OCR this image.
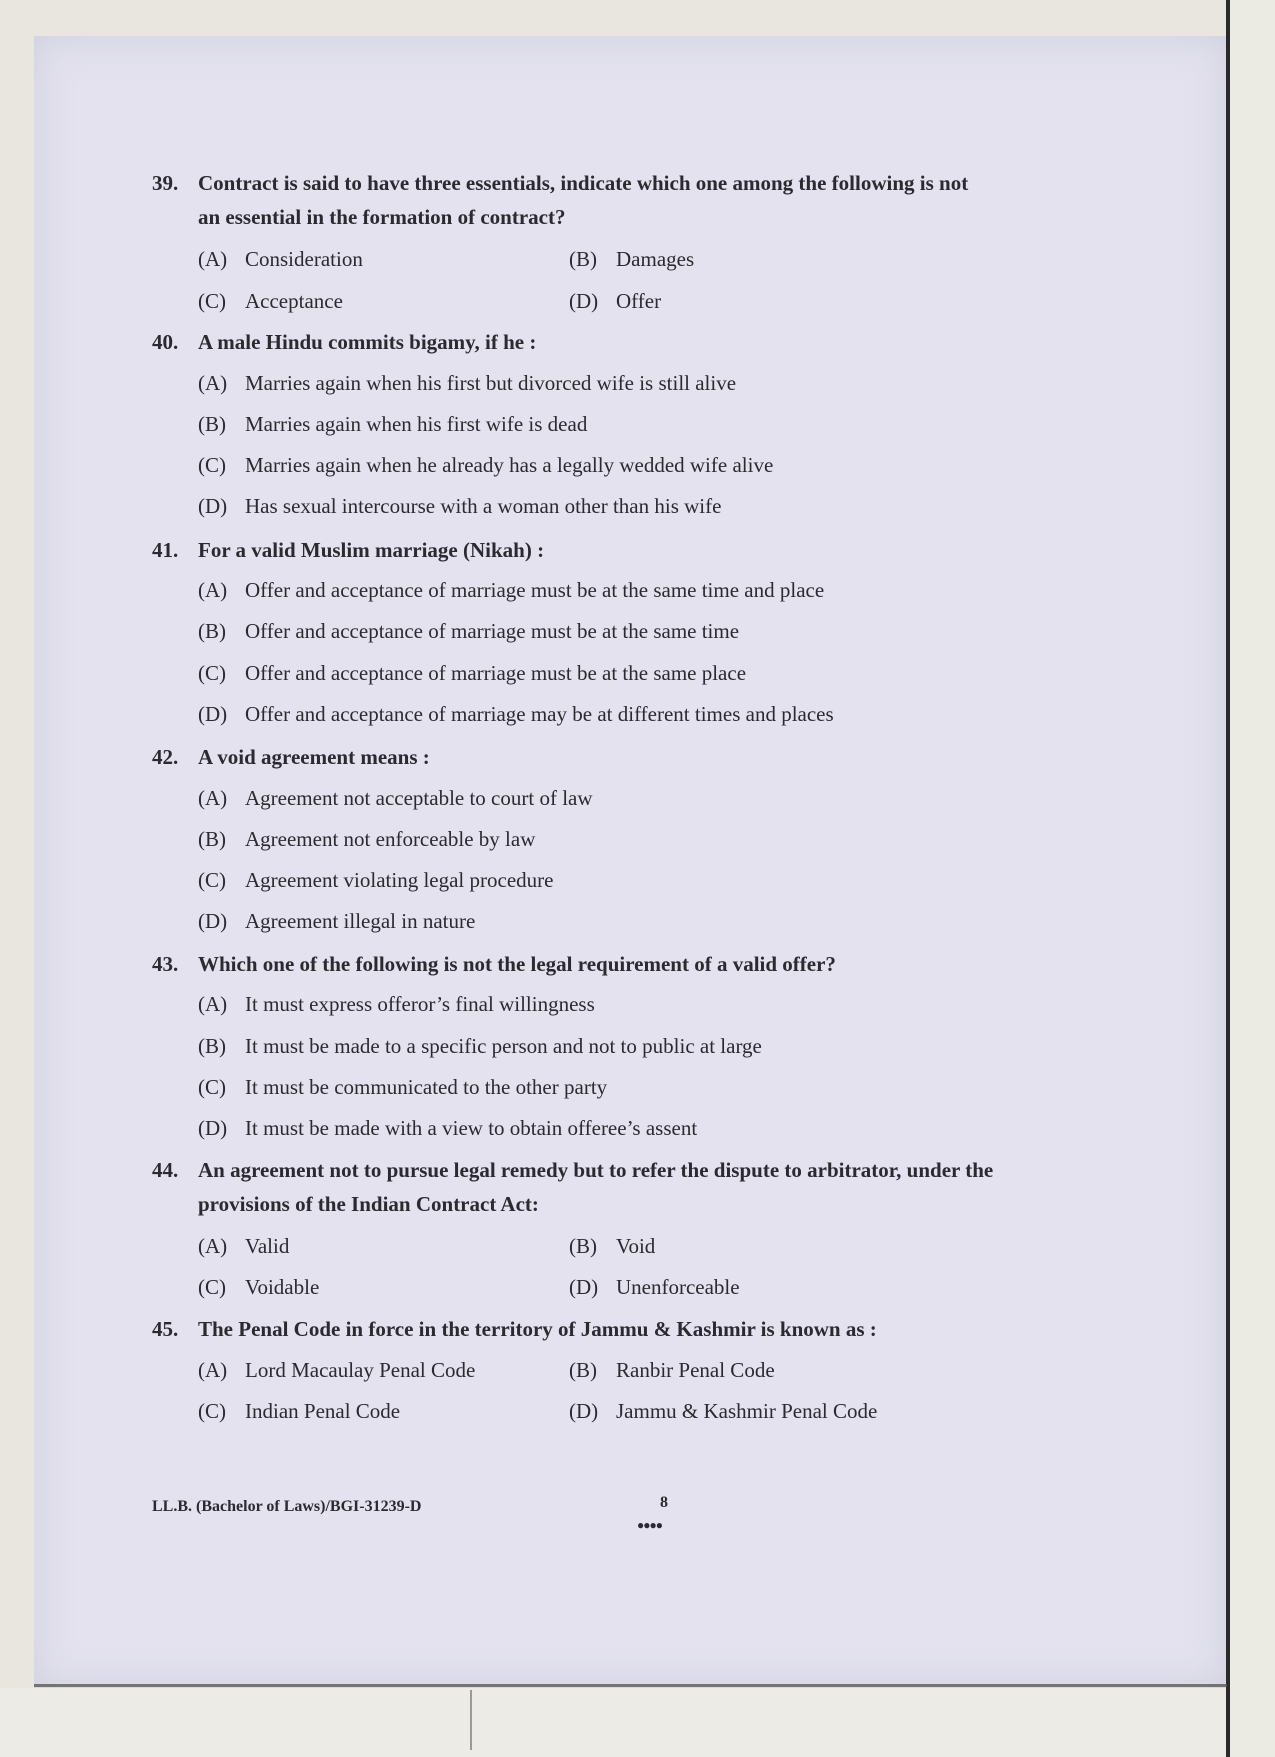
39. Contract is said to have three essentials, indicate which one among the following is not
an essential in the formation of contract?
(A) Consideration	(B) Damages
(C) Acceptance	(D) Offer
40. A male Hindu commits bigamy, if he :
(A) Marries again when his first but divorced wife is still alive
(B) Marries again when his first wife is dead
(C) Marries again when he already has a legally wedded wife alive
(D) Has sexual intercourse with a woman other than his wife
41. For a valid Muslim marriage (Nikah) :
(A) Offer and acceptance of marriage must be at the same time and place
(B) Offer and acceptance of marriage must be at the same time
(C) Offer and acceptance of marriage must be at the same place
(D) Offer and acceptance of marriage may be at different times and places
42. A void agreement means :
(A) Agreement not acceptable to court of law
(B) Agreement not enforceable by law
(C) Agreement violating legal procedure
(D) Agreement illegal in nature
43. Which one of the following is not the legal requirement of a valid offer?
(A) It must express offeror’s final willingness
(B) It must be made to a specific person and not to public at large
(C) It must be communicated to the other party
(D) It must be made with a view to obtain offeree’s assent
44. An agreement not to pursue legal remedy but to refer the dispute to arbitrator, under the
provisions of the Indian Contract Act:
(A) Valid	(B) Void
(C) Voidable	(D) Unenforceable
45. The Penal Code in force in the territory of Jammu & Kashmir is known as :
(A) Lord Macaulay Penal Code	(B) Ranbir Penal Code
(C) Indian Penal Code	(D) Jammu & Kashmir Penal Code
LL.B. (Bachelor of Laws)/BGI-31239-D	8
●●●●
